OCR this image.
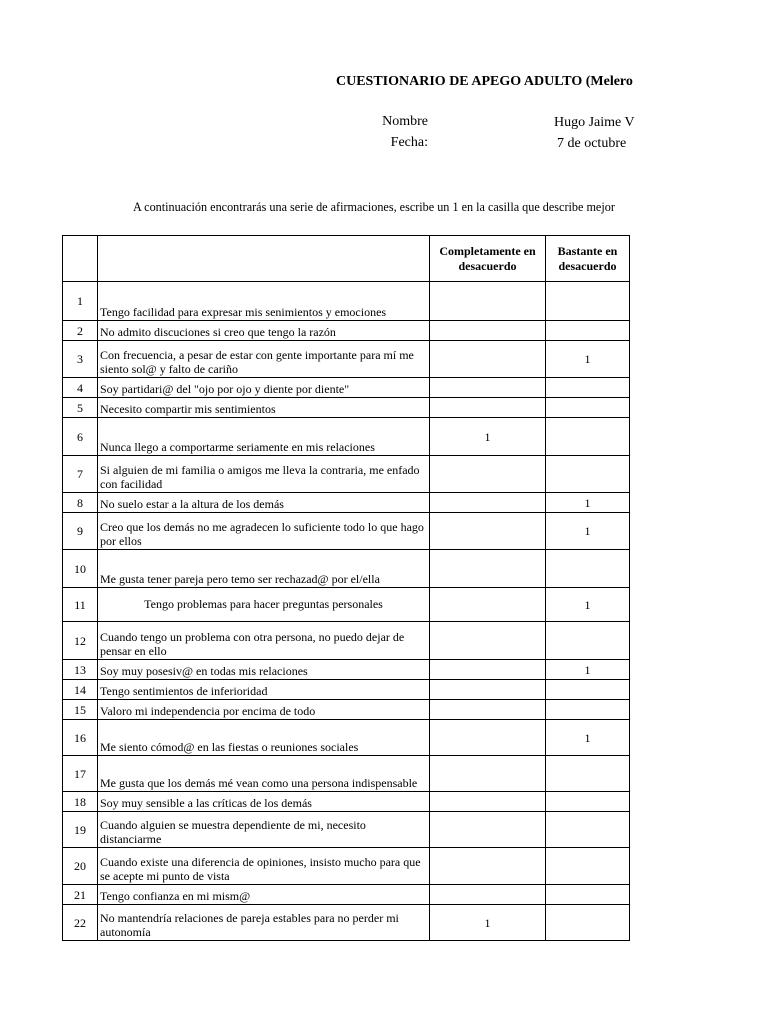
CUESTIONARIO DE APEGO ADULTO (Melero
Nombre	Hugo Jaime V
Fecha:	7 de octubre
A continuación encontrarás una serie de afirmaciones, escribe un 1 en la casilla que describe mejor
		Completamente en desacuerdo	Bastante en desacuerdo
1	Tengo facilidad para expresar mis senimientos y emociones		
2	No admito discuciones si creo que tengo la razón		
3	Con frecuencia, a pesar de estar con gente importante para mí me siento sol@ y falto de cariño		1
4	Soy partidari@ del "ojo por ojo y diente por diente"		
5	Necesito compartir mis sentimientos		
6	Nunca llego a comportarme seriamente en mis relaciones	1	
7	Si alguien de mi familia o amigos me lleva la contraria, me enfado con facilidad		
8	No suelo estar a la altura de los demás		1
9	Creo que los demás no me agradecen lo suficiente todo lo que hago por ellos		1
10	Me gusta tener pareja pero temo ser rechazad@ por el/ella		
11	Tengo problemas para hacer preguntas personales		1
12	Cuando tengo un problema con otra persona, no puedo dejar de pensar en ello		
13	Soy muy posesiv@ en todas mis relaciones		1
14	Tengo sentimientos de inferioridad		
15	Valoro mi independencia por encima de todo		
16	Me siento cómod@ en las fiestas o reuniones sociales		1
17	Me gusta que los demás mé vean como una persona indispensable		
18	Soy muy sensible a las críticas de los demás		
19	Cuando alguien se muestra dependiente de mi, necesito distanciarme		
20	Cuando existe una diferencia de opiniones, insisto mucho para que se acepte mi punto de vista		
21	Tengo confianza en mi mism@		
22	No mantendría relaciones de pareja estables para no perder mi autonomía	1	
